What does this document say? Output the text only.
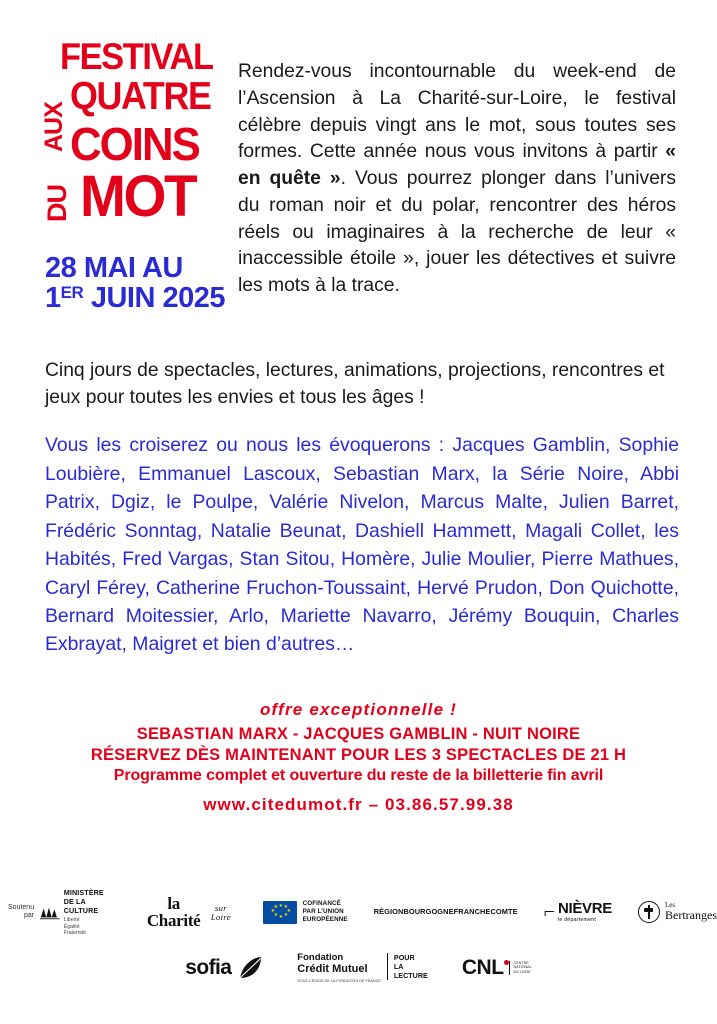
FESTIVAL
AUX
QUATRE
COINS
DU MOT
28 MAI AU
1ER JUIN 2025

Rendez-vous incontournable du week-end de l’Ascension à La Charité-sur-Loire, le festival célèbre depuis vingt ans le mot, sous toutes ses formes. Cette année nous vous invitons à partir « en quête ». Vous pourrez plonger dans l’univers du roman noir et du polar, rencontrer des héros réels ou imaginaires à la recherche de leur « inaccessible étoile », jouer les détectives et suivre les mots à la trace.

Cinq jours de spectacles, lectures, animations, projections, rencontres et jeux pour toutes les envies et tous les âges !

Vous les croiserez ou nous les évoquerons : Jacques Gamblin, Sophie Loubière, Emmanuel Lascoux, Sebastian Marx, la Série Noire, Abbi Patrix, Dgiz, le Poulpe, Valérie Nivelon, Marcus Malte, Julien Barret, Frédéric Sonntag, Natalie Beunat, Dashiell Hammett, Magali Collet, les Habités, Fred Vargas, Stan Sitou, Homère, Julie Moulier, Pierre Mathues, Caryl Férey, Catherine Fruchon-Toussaint, Hervé Prudon, Don Quichotte, Bernard Moitessier, Arlo, Mariette Navarro, Jérémy Bouquin, Charles Exbrayat, Maigret et bien d’autres…

offre exceptionnelle !
SEBASTIAN MARX - JACQUES GAMBLIN - NUIT NOIRE
RÉSERVEZ DÈS MAINTENANT POUR LES 3 SPECTACLES DE 21 H
Programme complet et ouverture du reste de la billetterie fin avril
www.citedumot.fr – 03.86.57.99.38
Soutenu par
MINISTÈRE
DE LA CULTURE
Liberté
Égalité
Fraternité
la Charité
sur Loire
★ ★
★
★
★
★
★
★
COFINANCÉ
PAR L’UNION
EUROPÉENNE
RÉGION BOURGOGNE FRANCHE COMTE ⌐ NIÈVRE
le département
Les
Bertranges
sofia	Fondation
Crédit Mutuel
SOUS L’ÉGIDE DE LA FONDATION DE FRANCE
POUR
LA
LECTURE CNL	CENTRE
NATIONAL
DU LIVRE
